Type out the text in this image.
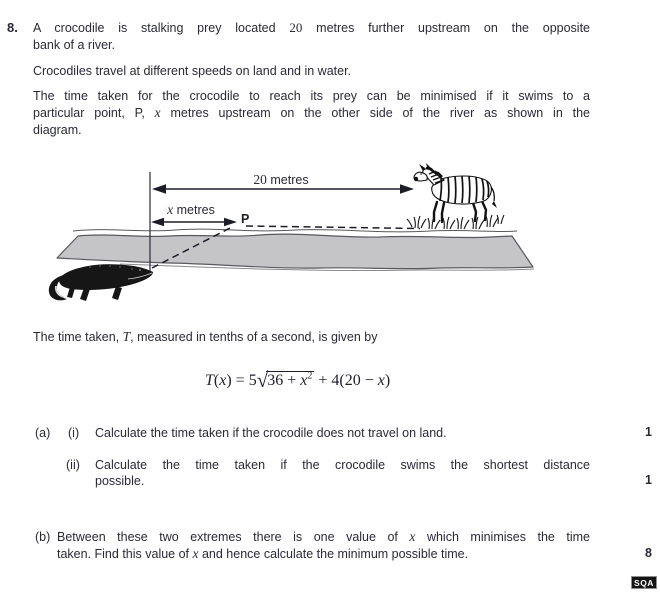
8. A crocodile is stalking prey located 20 metres further upstream on the opposite
bank of a river.
Crocodiles travel at different speeds on land and in water.
The time taken for the crocodile to reach its prey can be minimised if it swims to a
particular point, P, x metres upstream on the other side of the river as shown in the
diagram.
20 metres
x metres
P
The time taken, T, measured in tenths of a second, is given by
$T(x) = 5√36 + x^2 + 4(20 - x)$
(a) (i) Calculate the time taken if the crocodile does not travel on land.	1
(ii) Calculate the time taken if the crocodile swims the shortest distance
possible.	1
(b) Between these two extremes there is one value of x which minimises the time
taken. Find this value of x and hence calculate the minimum possible time.	8
SQA
